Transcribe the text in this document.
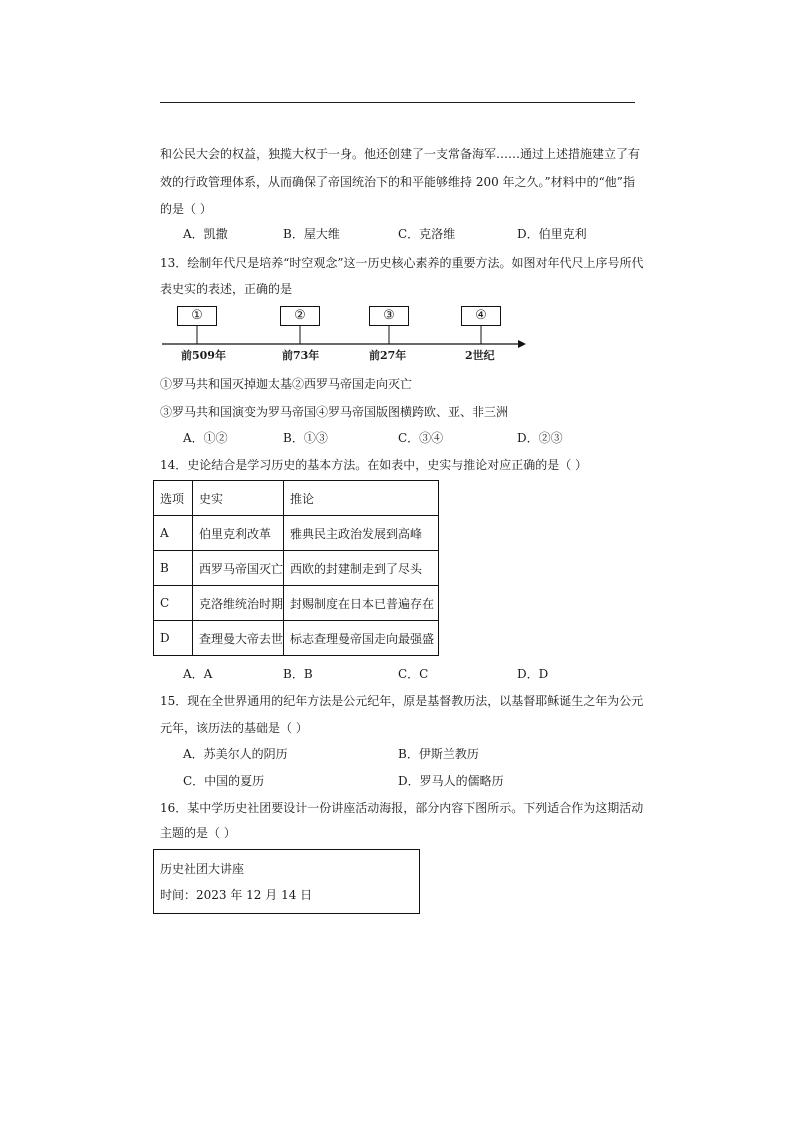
和公民大会的权益，独揽大权于一身。他还创建了一支常备海军……通过上述措施建立了有
效的行政管理体系，从而确保了帝国统治下的和平能够维持 200 年之久。”材料中的“他”指
的是（ ）
A．凯撒	B．屋大维	C．克洛维	D．伯里克利
13．绘制年代尺是培养“时空观念”这一历史核心素养的重要方法。如图对年代尺上序号所代
表史实的表述，正确的是
①	②	③	④
前509年	前73年	前27年	2世纪
①罗马共和国灭掉迦太基②西罗马帝国走向灭亡
③罗马共和国演变为罗马帝国④罗马帝国版图横跨欧、亚、非三洲
A．①②	B．①③	C．③④	D．②③
14．史论结合是学习历史的基本方法。在如表中，史实与推论对应正确的是（ ）
选项	史实	推论
A	伯里克利改革	雅典民主政治发展到高峰
B	西罗马帝国灭亡	西欧的封建制走到了尽头
C	克洛维统治时期	封赐制度在日本已普遍存在
D	查理曼大帝去世	标志查理曼帝国走向最强盛
A．A	B．B	C．C	D．D
15．现在全世界通用的纪年方法是公元纪年，原是基督教历法，以基督耶稣诞生之年为公元
元年，该历法的基础是（ ）
A．苏美尔人的阴历	B．伊斯兰教历
C．中国的夏历	D．罗马人的儒略历
16．某中学历史社团要设计一份讲座活动海报，部分内容下图所示。下列适合作为这期活动
主题的是（ ）
历史社团大讲座
时间：2023 年 12 月 14 日
